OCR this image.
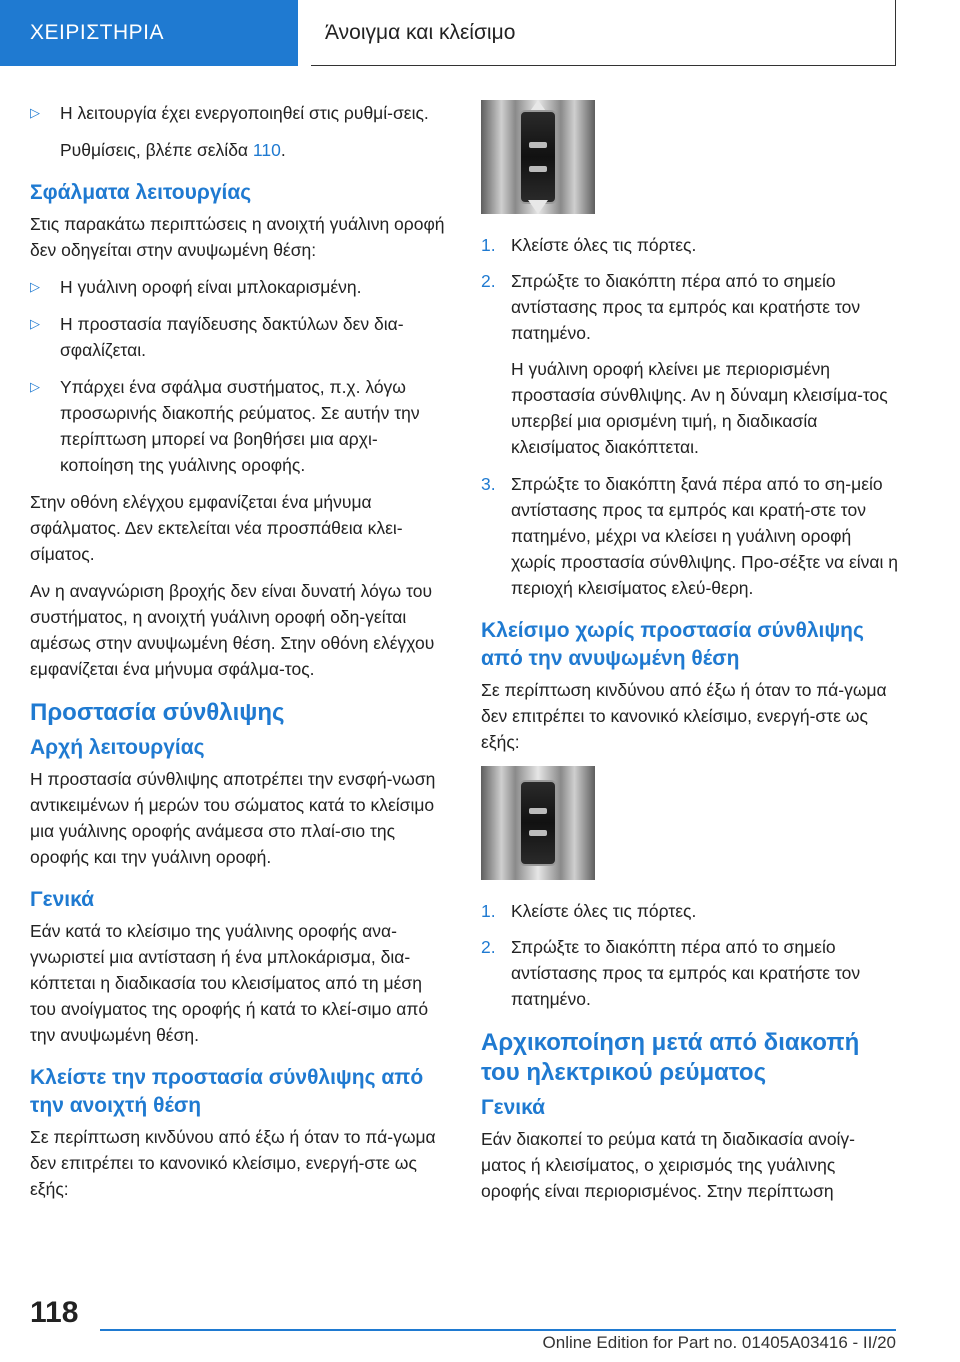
ΧΕΙΡΙΣΤΗΡΙΑ	Άνοιγμα και κλείσιμο
▷	Η λειτουργία έχει ενεργοποιηθεί στις ρυθμί-σεις.

Ρυθμίσεις, βλέπε σελίδα 110.

Σφάλματα λειτουργίας

Στις παρακάτω περιπτώσεις η ανοιχτή γυάλινη οροφή δεν οδηγείται στην ανυψωμένη θέση:

▷	Η γυάλινη οροφή είναι μπλοκαρισμένη.
▷	Η προστασία παγίδευσης δακτύλων δεν δια-σφαλίζεται.
▷	Υπάρχει ένα σφάλμα συστήματος, π.χ. λόγω προσωρινής διακοπής ρεύματος. Σε αυτήν την περίπτωση μπορεί να βοηθήσει μια αρχι-κοποίηση της γυάλινης οροφής.

Στην οθόνη ελέγχου εμφανίζεται ένα μήνυμα σφάλματος. Δεν εκτελείται νέα προσπάθεια κλει-σίματος.

Αν η αναγνώριση βροχής δεν είναι δυνατή λόγω του συστήματος, η ανοιχτή γυάλινη οροφή οδη-γείται αμέσως στην ανυψωμένη θέση. Στην οθόνη ελέγχου εμφανίζεται ένα μήνυμα σφάλμα-τος.

Προστασία σύνθλιψης
Αρχή λειτουργίας

Η προστασία σύνθλιψης αποτρέπει την ενσφή-νωση αντικειμένων ή μερών του σώματος κατά το κλείσιμο μια γυάλινης οροφής ανάμεσα στο πλαί-σιο της οροφής και την γυάλινη οροφή.

Γενικά

Εάν κατά το κλείσιμο της γυάλινης οροφής ανα-γνωριστεί μια αντίσταση ή ένα μπλοκάρισμα, δια-κόπτεται η διαδικασία του κλεισίματος από τη μέση του ανοίγματος της οροφής ή κατά το κλεί-σιμο από την ανυψωμένη θέση.

Κλείστε την προστασία σύνθλιψης από την ανοιχτή θέση

Σε περίπτωση κινδύνου από έξω ή όταν το πά-γωμα δεν επιτρέπει το κανονικό κλείσιμο, ενεργή-στε ως εξής:

1. Κλείστε όλες τις πόρτες.
2. Σπρώξτε το διακόπτη πέρα από το σημείο αντίστασης προς τα εμπρός και κρατήστε τον πατημένο.

Η γυάλινη οροφή κλείνει με περιορισμένη προστασία σύνθλιψης. Αν η δύναμη κλεισίμα-τος υπερβεί μια ορισμένη τιμή, η διαδικασία κλεισίματος διακόπτεται.

3. Σπρώξτε το διακόπτη ξανά πέρα από το ση-μείο αντίστασης προς τα εμπρός και κρατή-στε τον πατημένο, μέχρι να κλείσει η γυάλινη οροφή χωρίς προστασία σύνθλιψης. Προ-σέξτε να είναι η περιοχή κλεισίματος ελεύ-θερη.
Κλείσιμο χωρίς προστασία σύνθλιψης από την ανυψωμένη θέση

Σε περίπτωση κινδύνου από έξω ή όταν το πά-γωμα δεν επιτρέπει το κανονικό κλείσιμο, ενεργή-στε ως εξής:

1. Κλείστε όλες τις πόρτες.
2. Σπρώξτε το διακόπτη πέρα από το σημείο αντίστασης προς τα εμπρός και κρατήστε τον πατημένο.
Αρχικοποίηση μετά από διακοπή του ηλεκτρικού ρεύματος
Γενικά

Εάν διακοπεί το ρεύμα κατά τη διαδικασία ανοίγ-ματος ή κλεισίματος, ο χειρισμός της γυάλινης οροφής είναι περιορισμένος. Στην περίπτωση

118
Online Edition for Part no. 01405A03416 - II/20
